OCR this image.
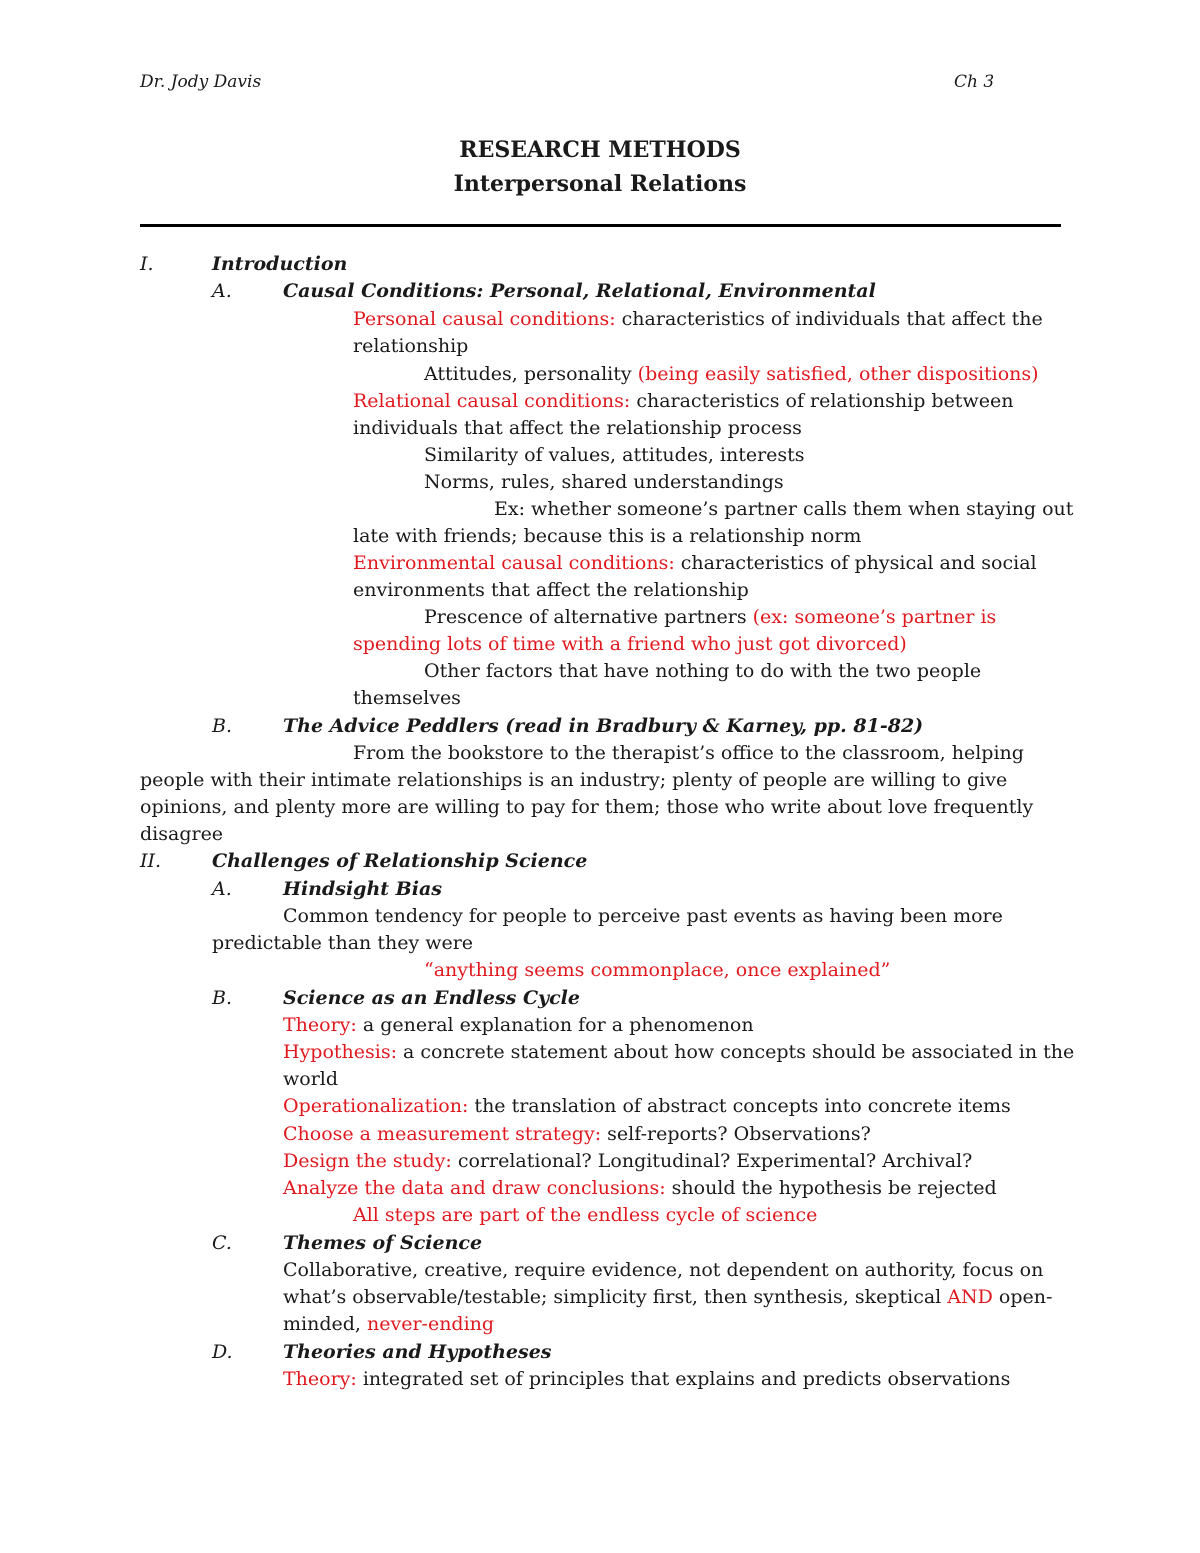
Dr. Jody Davis	Ch 3
RESEARCH METHODS
Interpersonal Relations
I.	Introduction
A.	Causal Conditions: Personal, Relational, Environmental
Personal causal conditions: characteristics of individuals that affect the
relationship
Attitudes, personality (being easily satisfied, other dispositions)
Relational causal conditions: characteristics of relationship between
individuals that affect the relationship process
Similarity of values, attitudes, interests
Norms, rules, shared understandings
Ex: whether someone’s partner calls them when staying out
late with friends; because this is a relationship norm
Environmental causal conditions: characteristics of physical and social
environments that affect the relationship
Prescence of alternative partners (ex: someone’s partner is
spending lots of time with a friend who just got divorced)
Other factors that have nothing to do with the two people
themselves
B.	The Advice Peddlers (read in Bradbury & Karney, pp. 81-82)
From the bookstore to the therapist’s office to the classroom, helping
people with their intimate relationships is an industry; plenty of people are willing to give
opinions, and plenty more are willing to pay for them; those who write about love frequently
disagree
II.	Challenges of Relationship Science
A.	Hindsight Bias
Common tendency for people to perceive past events as having been more
predictable than they were
“anything seems commonplace, once explained”
B.	Science as an Endless Cycle
Theory: a general explanation for a phenomenon
Hypothesis: a concrete statement about how concepts should be associated in the
world
Operationalization: the translation of abstract concepts into concrete items
Choose a measurement strategy: self-reports? Observations?
Design the study: correlational? Longitudinal? Experimental? Archival?
Analyze the data and draw conclusions: should the hypothesis be rejected
All steps are part of the endless cycle of science
C.	Themes of Science
Collaborative, creative, require evidence, not dependent on authority, focus on
what’s observable/testable; simplicity first, then synthesis, skeptical AND open-
minded, never-ending
D.	Theories and Hypotheses
Theory: integrated set of principles that explains and predicts observations
